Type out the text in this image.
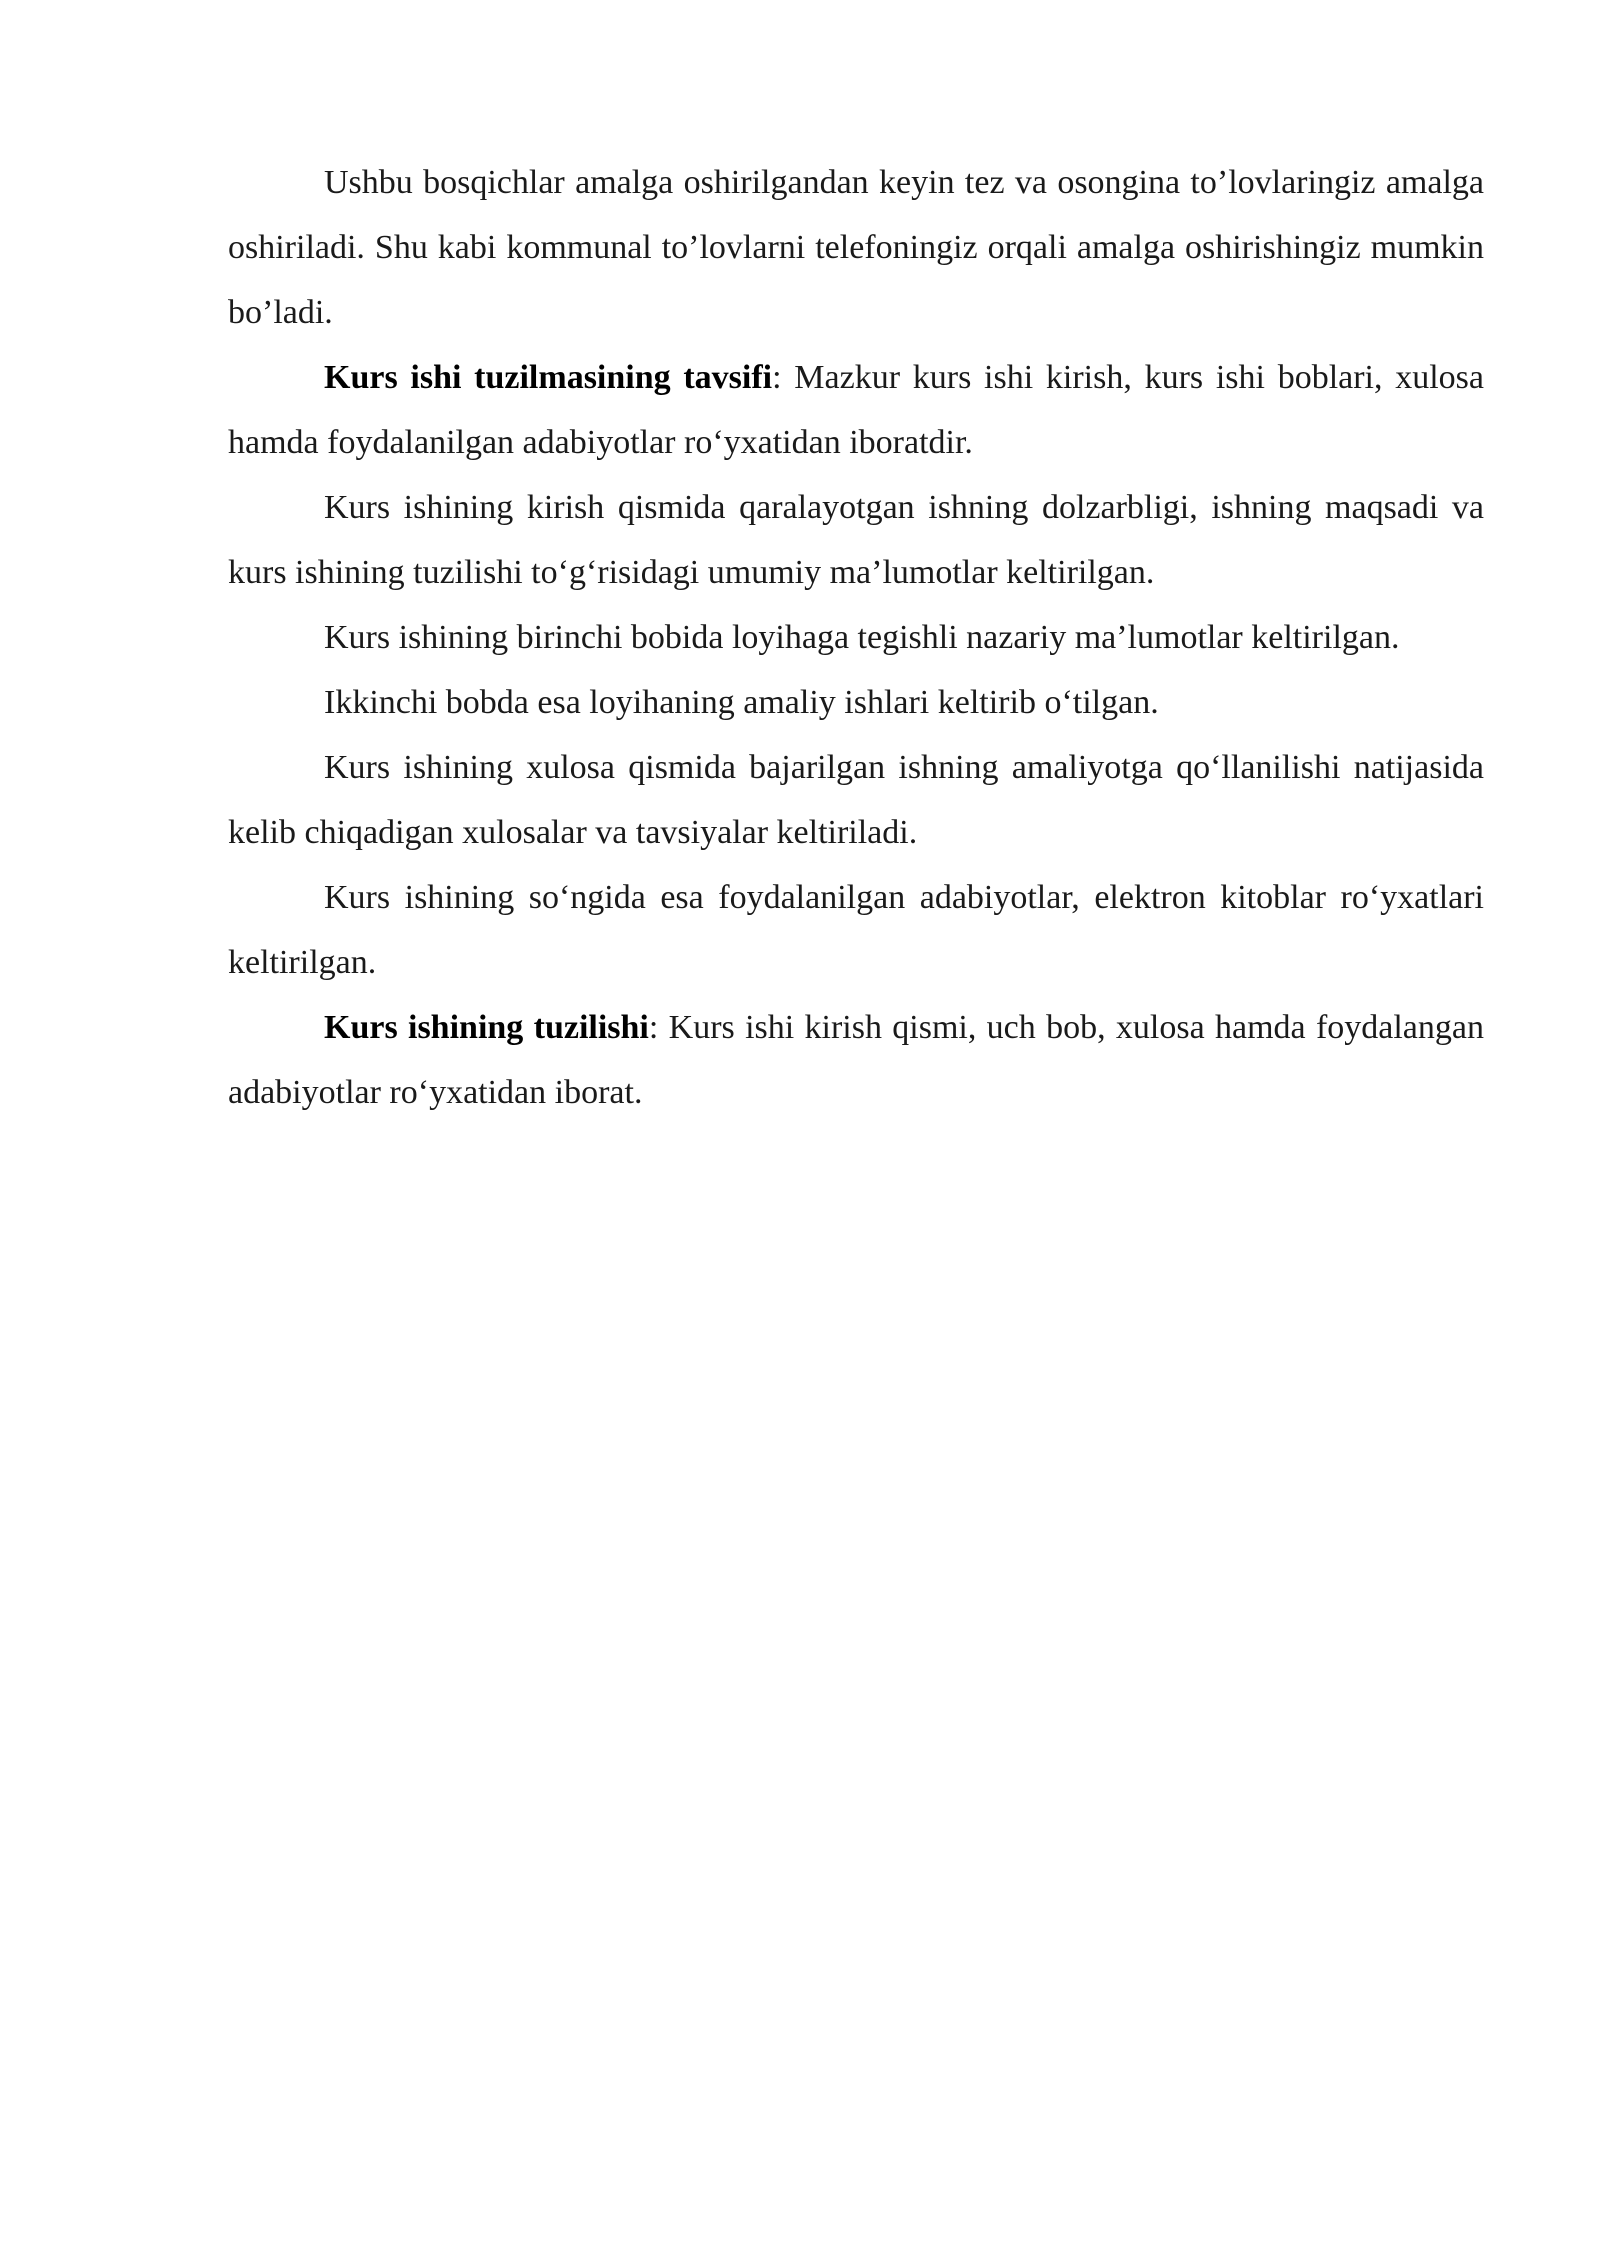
Ushbu bosqichlar amalga oshirilgandan keyin tez va osongina to’lovlaringiz amalga oshiriladi. Shu kabi kommunal to’lovlarni telefoningiz orqali amalga oshirishingiz mumkin bo’ladi.

Kurs ishi tuzilmasining tavsifi: Mazkur kurs ishi kirish, kurs ishi boblari, xulosa hamda foydalanilgan adabiyotlar ro‘yxatidan iboratdir.

Kurs ishining kirish qismida qaralayotgan ishning dolzarbligi, ishning maqsadi va kurs ishining tuzilishi to‘g‘risidagi umumiy ma’lumotlar keltirilgan.

Kurs ishining birinchi bobida loyihaga tegishli nazariy ma’lumotlar keltirilgan.

Ikkinchi bobda esa loyihaning amaliy ishlari keltirib o‘tilgan.

Kurs ishining xulosa qismida bajarilgan ishning amaliyotga qo‘llanilishi natijasida kelib chiqadigan xulosalar va tavsiyalar keltiriladi.

Kurs ishining so‘ngida esa foydalanilgan adabiyotlar, elektron kitoblar ro‘yxatlari keltirilgan.

Kurs ishining tuzilishi: Kurs ishi kirish qismi, uch bob, xulosa hamda foydalangan adabiyotlar ro‘yxatidan iborat.
